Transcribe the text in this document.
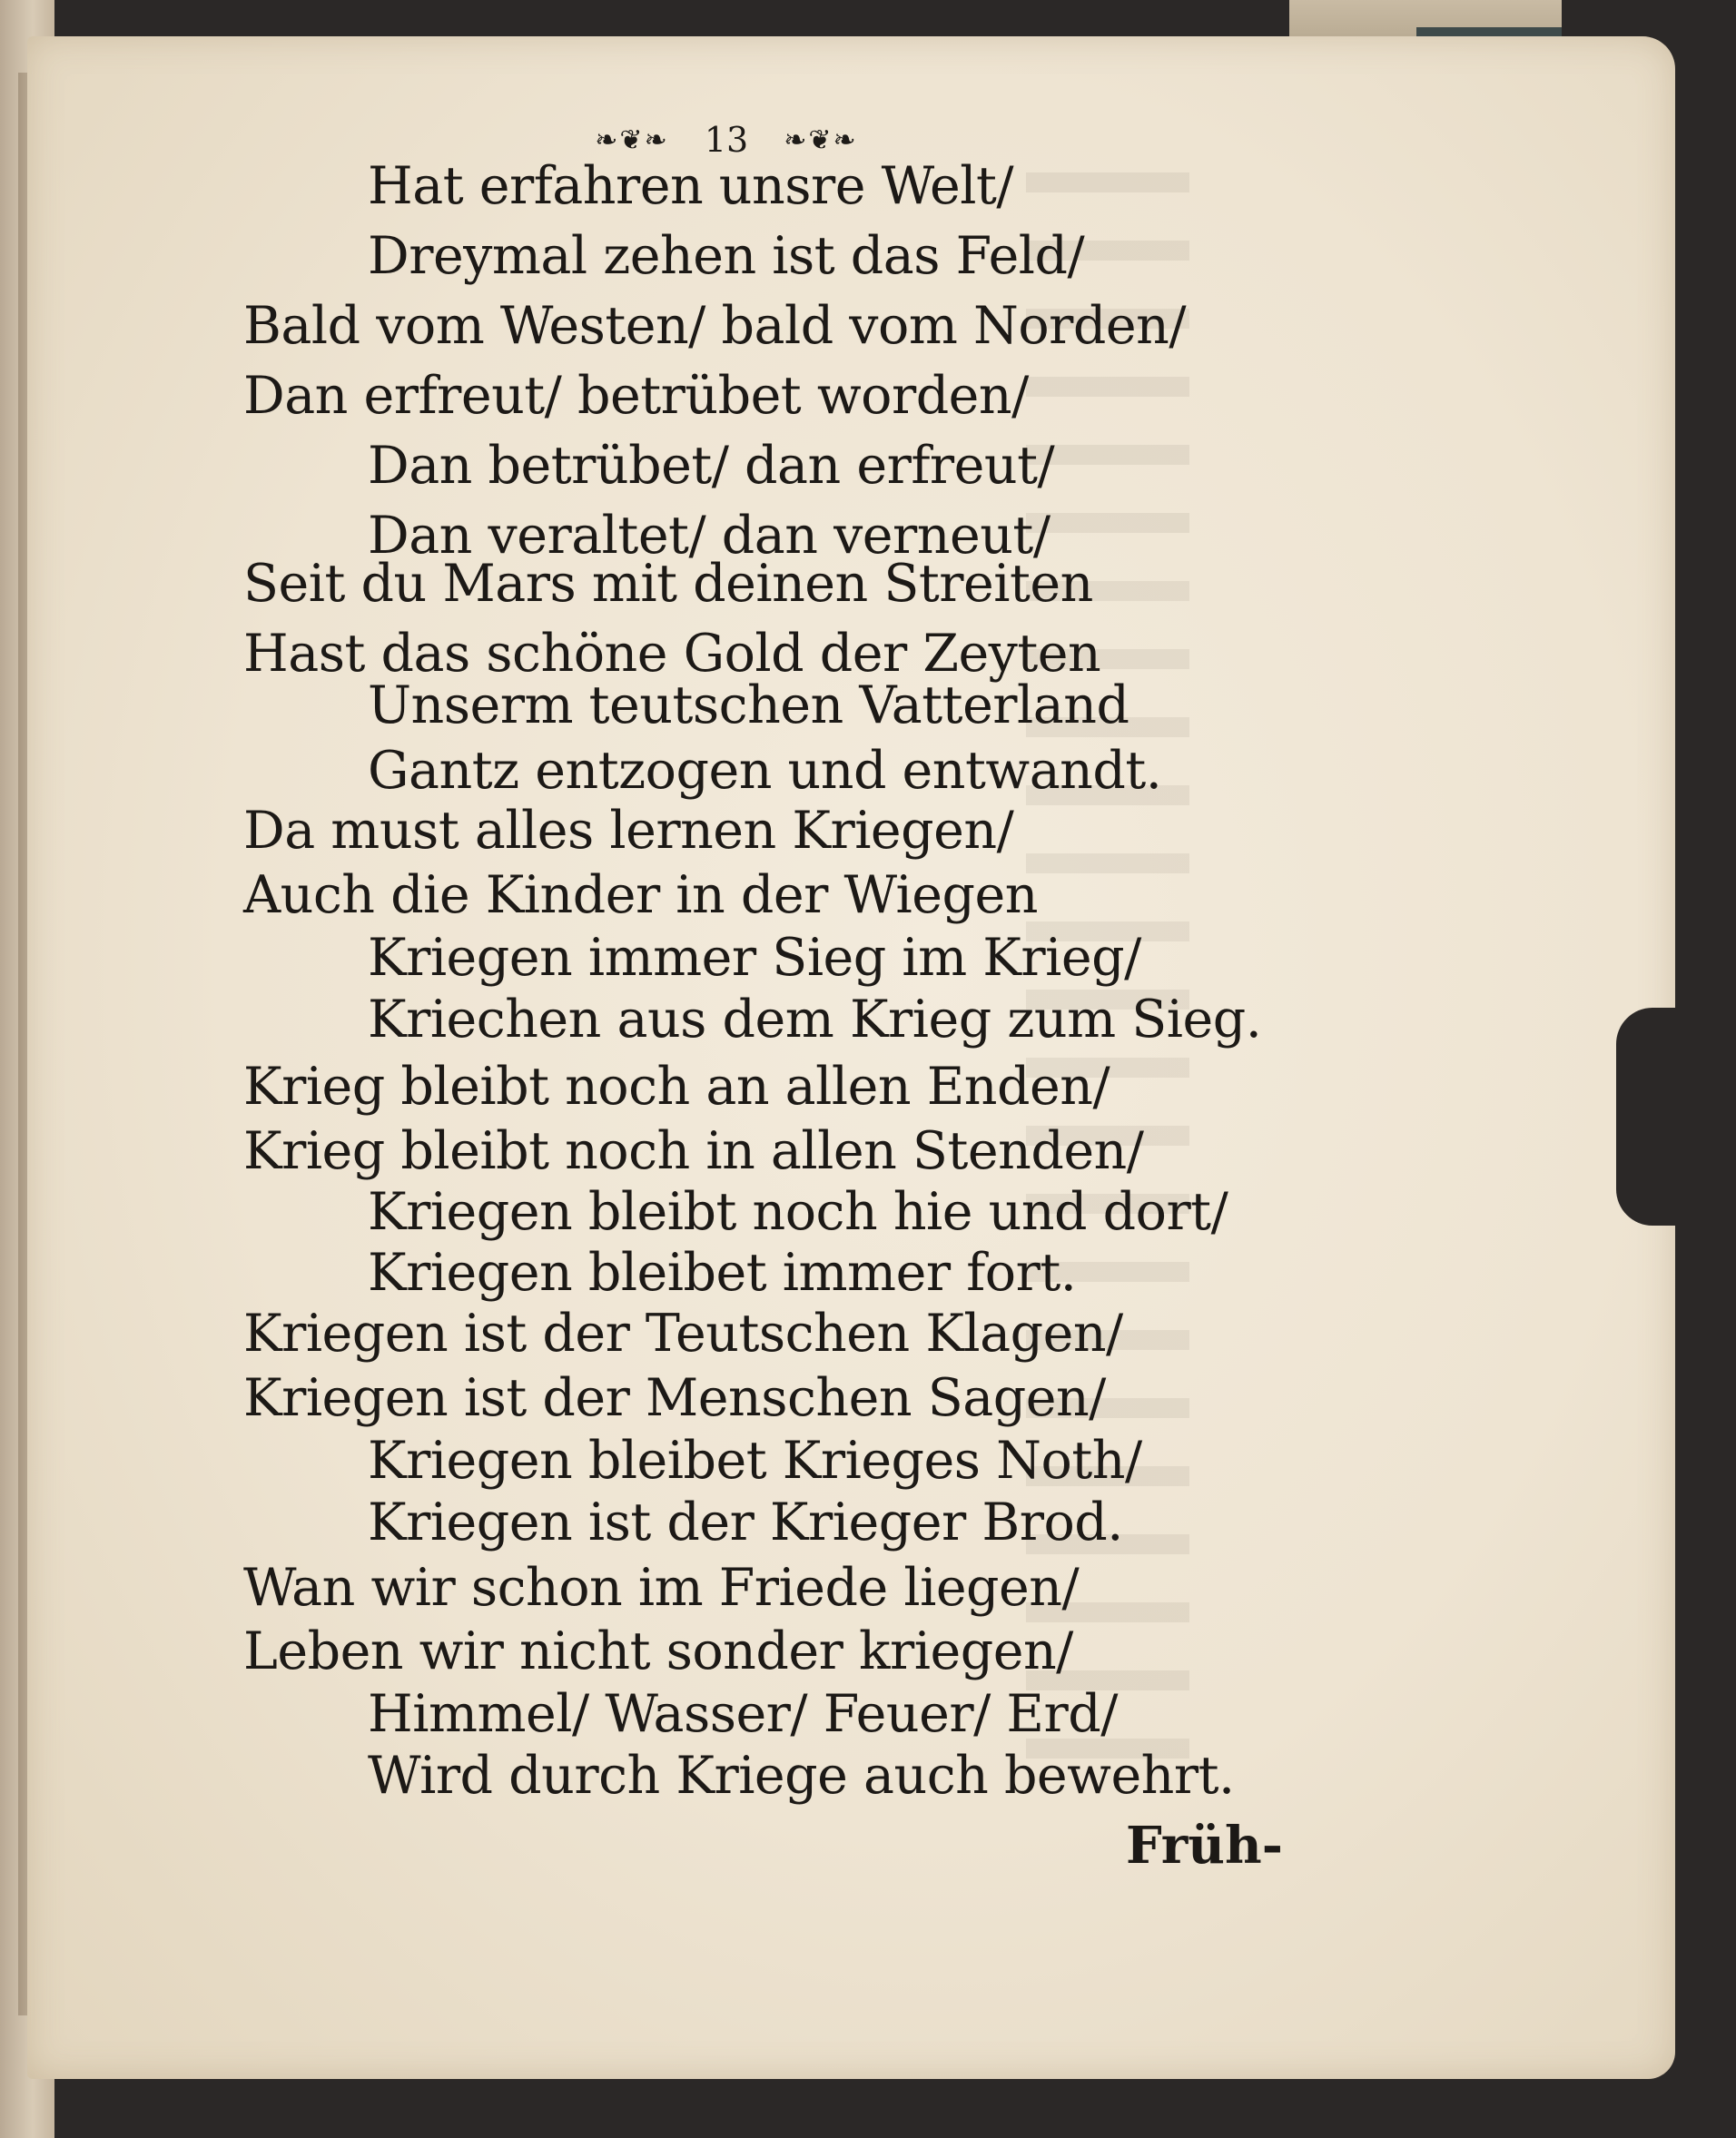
❧❦❧ 13 ❧❦❧
Hat erfahren unsre Welt/
Dreymal zehen ist das Feld/
Bald vom Westen/ bald vom Norden/
Dan erfreut/ betrübet worden/
Dan betrübet/ dan erfreut/
Dan veraltet/ dan verneut/
Seit du Mars mit deinen Streiten
Hast das schöne Gold der Zeyten
Unserm teutschen Vatterland
Gantz entzogen und entwandt.
Da must alles lernen Kriegen/
Auch die Kinder in der Wiegen
Kriegen immer Sieg im Krieg/
Kriechen aus dem Krieg zum Sieg.
Krieg bleibt noch an allen Enden/
Krieg bleibt noch in allen Stenden/
Kriegen bleibt noch hie und dort/
Kriegen bleibet immer fort.
Kriegen ist der Teutschen Klagen/
Kriegen ist der Menschen Sagen/
Kriegen bleibet Krieges Noth/
Kriegen ist der Krieger Brod.
Wan wir schon im Friede liegen/
Leben wir nicht sonder kriegen/
Himmel/ Wasser/ Feuer/ Erd/
Wird durch Kriege auch bewehrt.
Früh-
